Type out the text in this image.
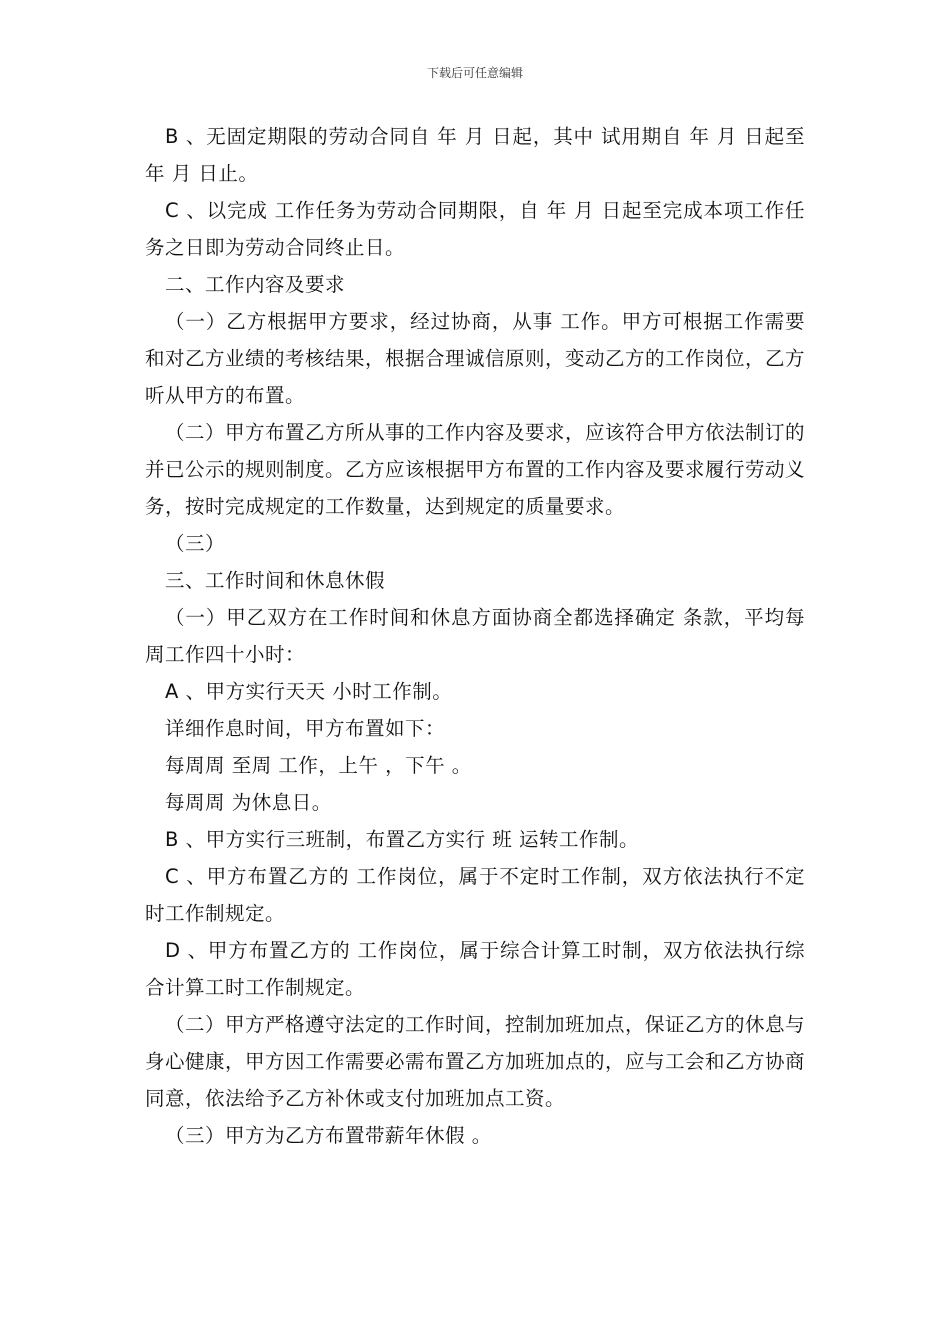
下载后可任意编辑

B 、无固定期限的劳动合同自 年 月 日起，其中 试用期自 年 月 日起至年 月 日止。

C 、以完成 工作任务为劳动合同期限，自 年 月 日起至完成本项工作任务之日即为劳动合同终止日。

二、工作内容及要求

（一）乙方根据甲方要求，经过协商，从事 工作。甲方可根据工作需要和对乙方业绩的考核结果，根据合理诚信原则，变动乙方的工作岗位，乙方听从甲方的布置。

（二）甲方布置乙方所从事的工作内容及要求，应该符合甲方依法制订的并已公示的规则制度。乙方应该根据甲方布置的工作内容及要求履行劳动义务，按时完成规定的工作数量，达到规定的质量要求。

（三）

三、工作时间和休息休假

（一）甲乙双方在工作时间和休息方面协商全都选择确定 条款，平均每周工作四十小时：

A 、甲方实行天天 小时工作制。

详细作息时间，甲方布置如下：

每周周 至周 工作，上午 ，下午 。

每周周 为休息日。

B 、甲方实行三班制，布置乙方实行 班 运转工作制。

C 、甲方布置乙方的 工作岗位，属于不定时工作制，双方依法执行不定时工作制规定。

D 、甲方布置乙方的 工作岗位，属于综合计算工时制，双方依法执行综合计算工时工作制规定。

（二）甲方严格遵守法定的工作时间，控制加班加点，保证乙方的休息与身心健康，甲方因工作需要必需布置乙方加班加点的，应与工会和乙方协商同意，依法给予乙方补休或支付加班加点工资。

（三）甲方为乙方布置带薪年休假 。
